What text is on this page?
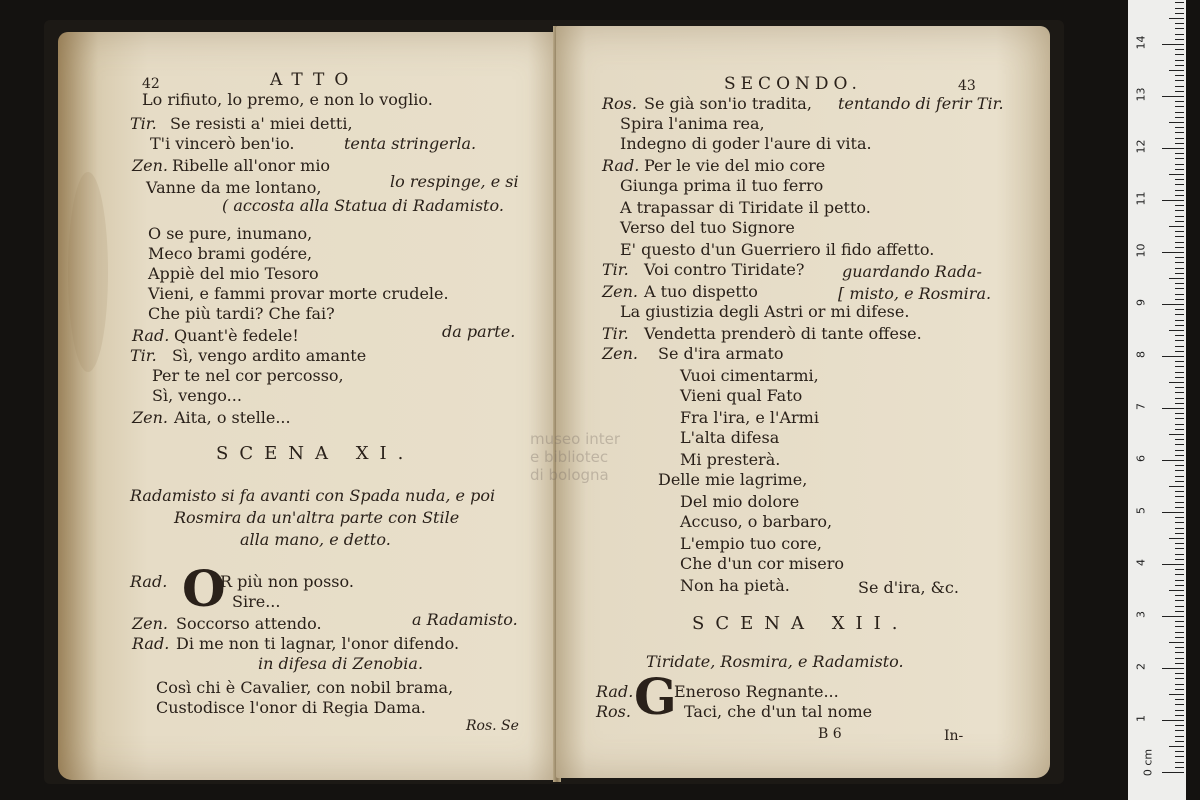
42	ATTO
Lo rifiuto, lo premo, e non lo voglio.
Tir. Se resisti a' miei detti,
T'i vincerò ben'io.	tenta stringerla.
Zen. Ribelle all'onor mio
Vanne da me lontano,	lo respinge, e si
( accosta alla Statua di Radamisto.
O se pure, inumano,
Meco brami godére,
Appiè del mio Tesoro
Vieni, e fammi provar morte crudele.
Che più tardi? Che fai?
Rad. Quant'è fedele!	da parte.
Tir. Sì, vengo ardito amante
Per te nel cor percosso,
Sì, vengo...
Zen. Aita, o stelle...
SCENA XI.
Radamisto si fa avanti con Spada nuda, e poi
Rosmira da un'altra parte con Stile
alla mano, e detto.
Rad. O
R più non posso.
Sire...
Zen. Soccorso attendo.	a Radamisto.
Rad. Di me non ti lagnar, l'onor difendo.
in difesa di Zenobia.
Così chi è Cavalier, con nobil brama,
Custodisce l'onor di Regia Dama.
Ros. Se
SECONDO.	43
Ros. Se già son'io tradita, tentando di ferir Tir.
Spira l'anima rea,
Indegno di goder l'aure di vita.
Rad. Per le vie del mio core
Giunga prima il tuo ferro
A trapassar di Tiridate il petto.
Verso del tuo Signore
E' questo d'un Guerriero il fido affetto.
Tir. Voi contro Tiridate? guardando Rada-
Zen. A tuo dispetto	[ misto, e Rosmira.
La giustizia degli Astri or mi difese.
Tir. Vendetta prenderò di tante offese.
Zen. Se d'ira armato
Vuoi cimentarmi,
Vieni qual Fato
Fra l'ira, e l'Armi
L'alta difesa
Mi presterà.
Delle mie lagrime,
Del mio dolore
Accuso, o barbaro,
L'empio tuo core,
Che d'un cor misero
Non ha pietà.	Se d'ira, &c.
SCENA XII.
Tiridate, Rosmira, e Radamisto.
Rad. G
Eneroso Regnante...
Ros.	Taci, che d'un tal nome
B 6	In-
museo inter
e bibliotec
di bologna
0 cm
1
2
3
4
5
6
7
8
9
10
11
12
13
14
